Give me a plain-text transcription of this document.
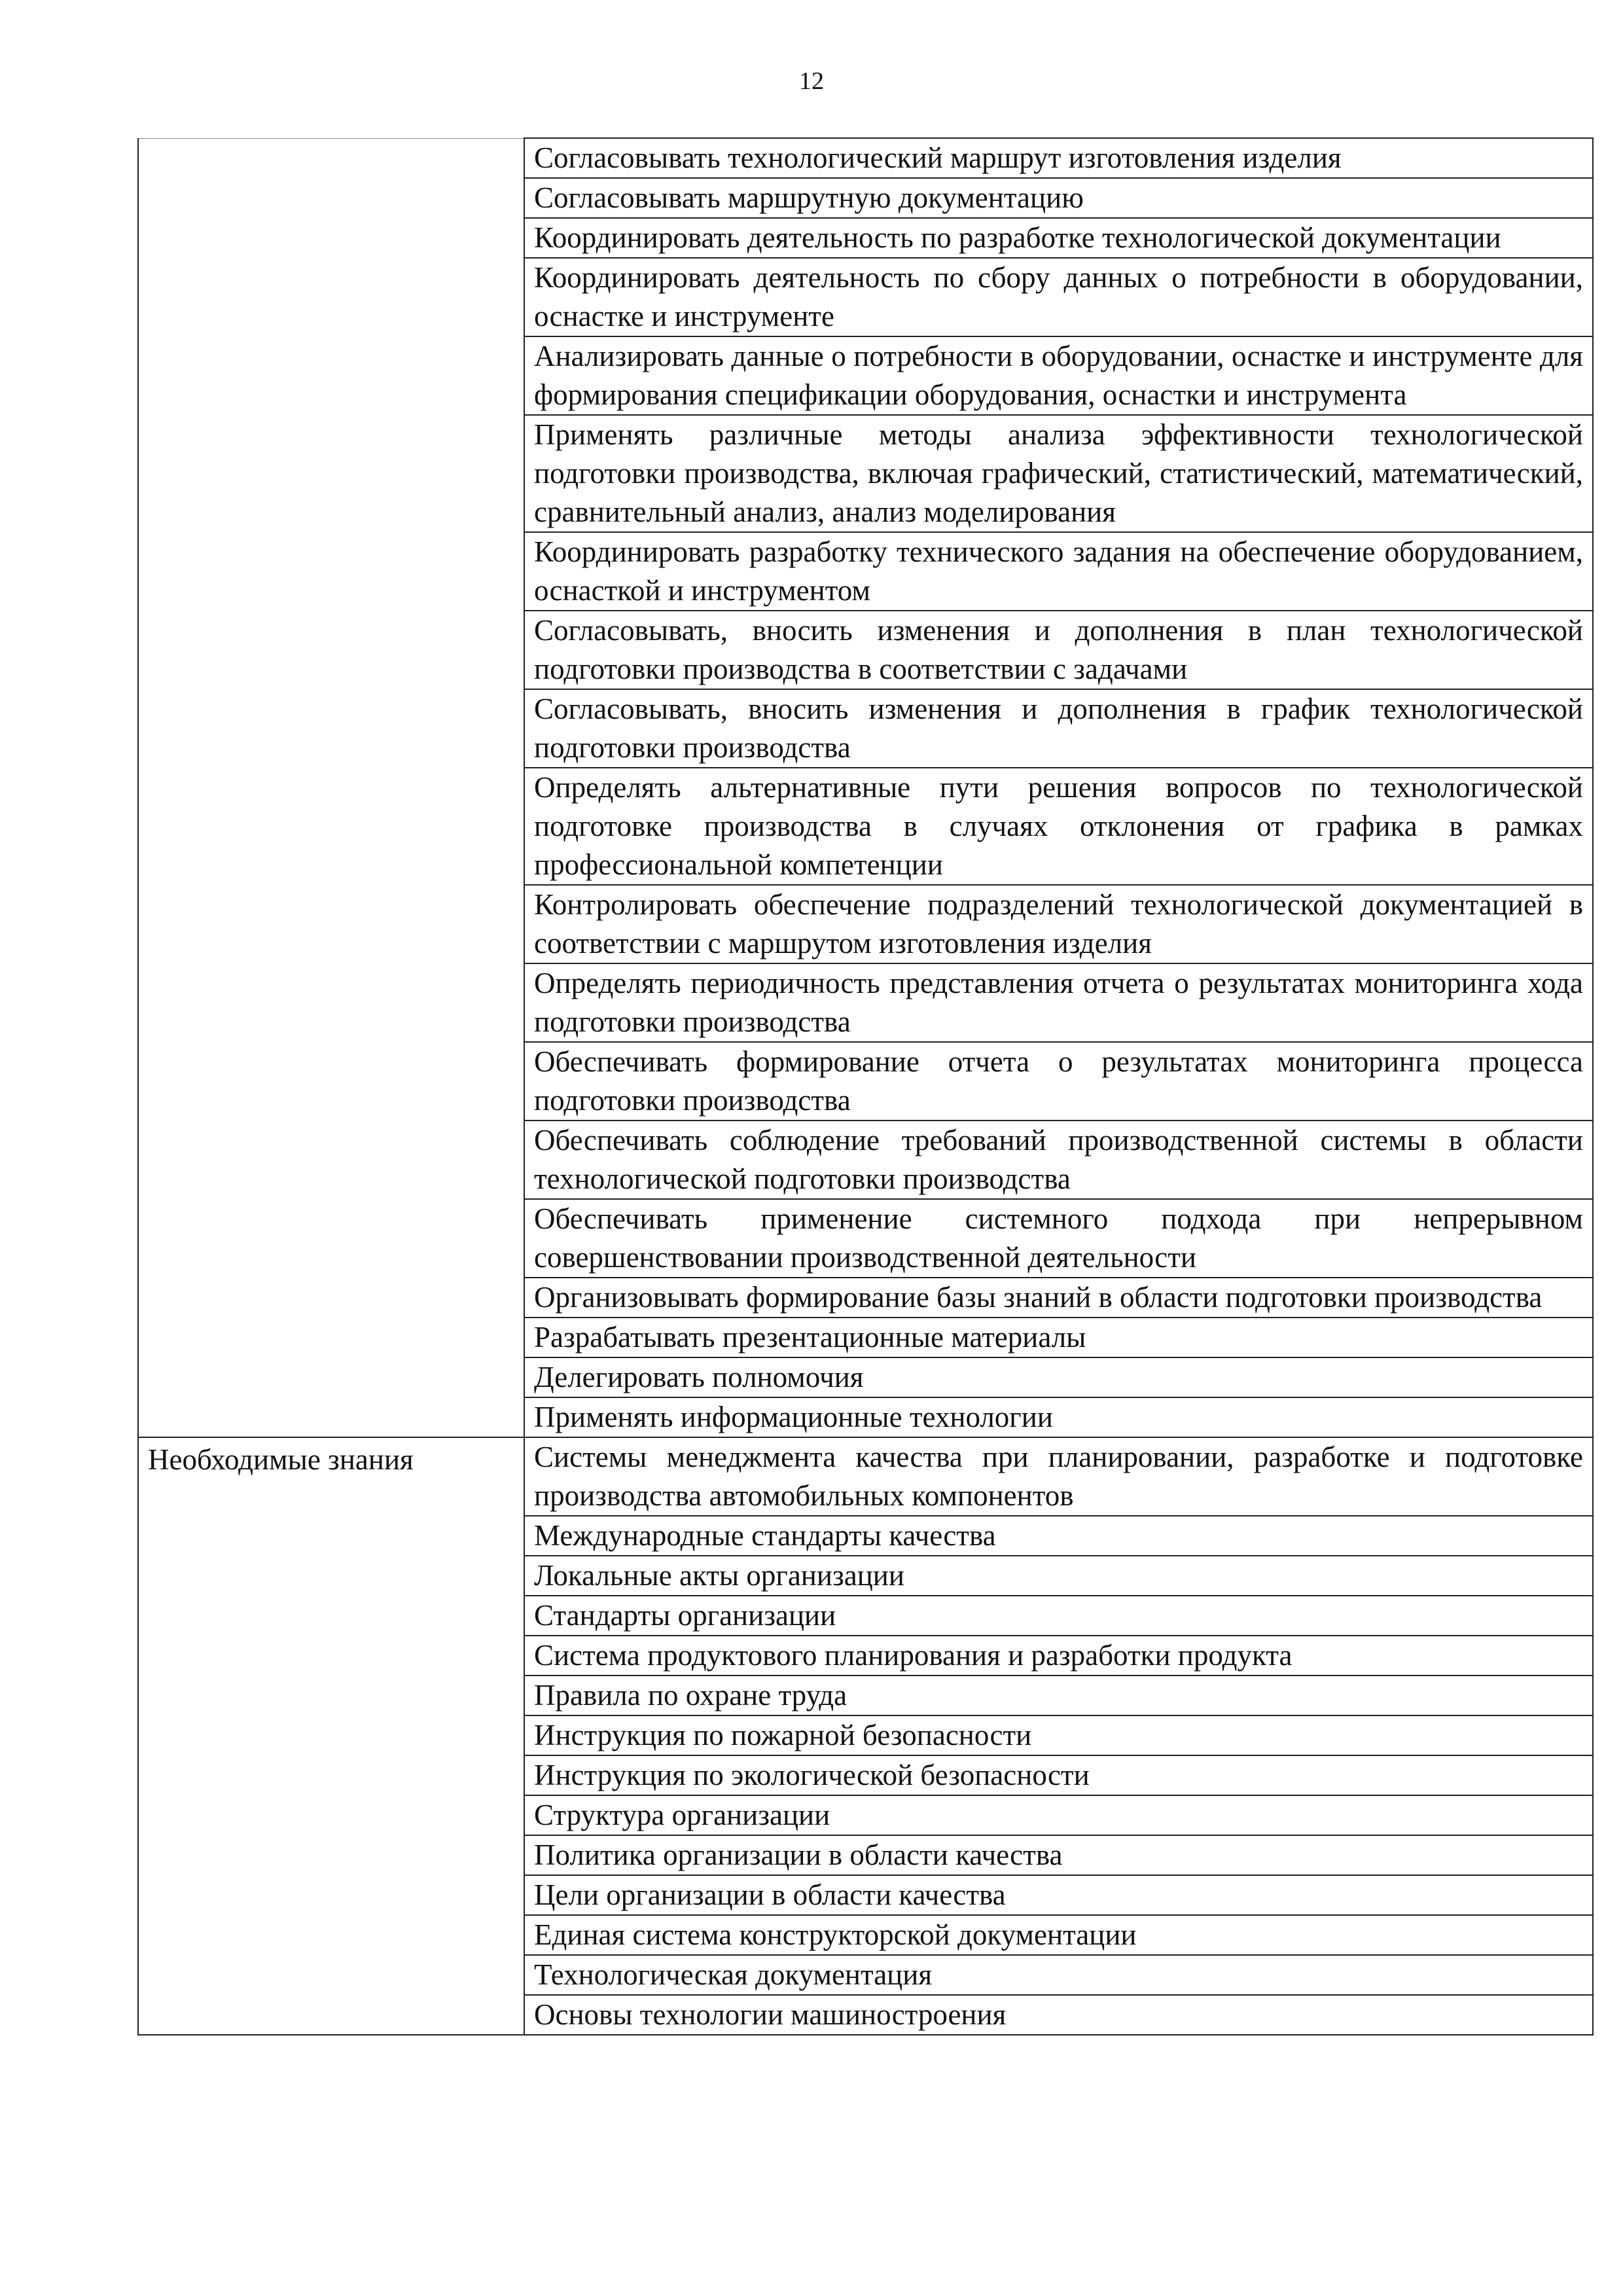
12
	Согласовывать технологический маршрут изготовления изделия
	Согласовывать маршрутную документацию
	Координировать деятельность по разработке технологической документации
	Координировать деятельность по сбору данных о потребности в оборудовании, оснастке и инструменте
	Анализировать данные о потребности в оборудовании, оснастке и инструменте для формирования спецификации оборудования, оснастки и инструмента
	Применять различные методы анализа эффективности технологической подготовки производства, включая графический, статистический, математический, сравнительный анализ, анализ моделирования
	Координировать разработку технического задания на обеспечение оборудованием, оснасткой и инструментом
	Согласовывать, вносить изменения и дополнения в план технологической подготовки производства в соответствии с задачами
	Согласовывать, вносить изменения и дополнения в график технологической подготовки производства
	Определять альтернативные пути решения вопросов по технологической подготовке производства в случаях отклонения от графика в рамках профессиональной компетенции
	Контролировать обеспечение подразделений технологической документацией в соответствии с маршрутом изготовления изделия
	Определять периодичность представления отчета о результатах мониторинга хода подготовки производства
	Обеспечивать формирование отчета о результатах мониторинга процесса подготовки производства
	Обеспечивать соблюдение требований производственной системы в области технологической подготовки производства
	Обеспечивать применение системного подхода при непрерывном совершенствовании производственной деятельности
	Организовывать формирование базы знаний в области подготовки производства
	Разрабатывать презентационные материалы
	Делегировать полномочия
	Применять информационные технологии

Необходимые знания	Системы менеджмента качества при планировании, разработке и подготовке производства автомобильных компонентов
	Международные стандарты качества
	Локальные акты организации
	Стандарты организации
	Система продуктового планирования и разработки продукта
	Правила по охране труда
	Инструкция по пожарной безопасности
	Инструкция по экологической безопасности
	Структура организации
	Политика организации в области качества
	Цели организации в области качества
	Единая система конструкторской документации
	Технологическая документация
	Основы технологии машиностроения
